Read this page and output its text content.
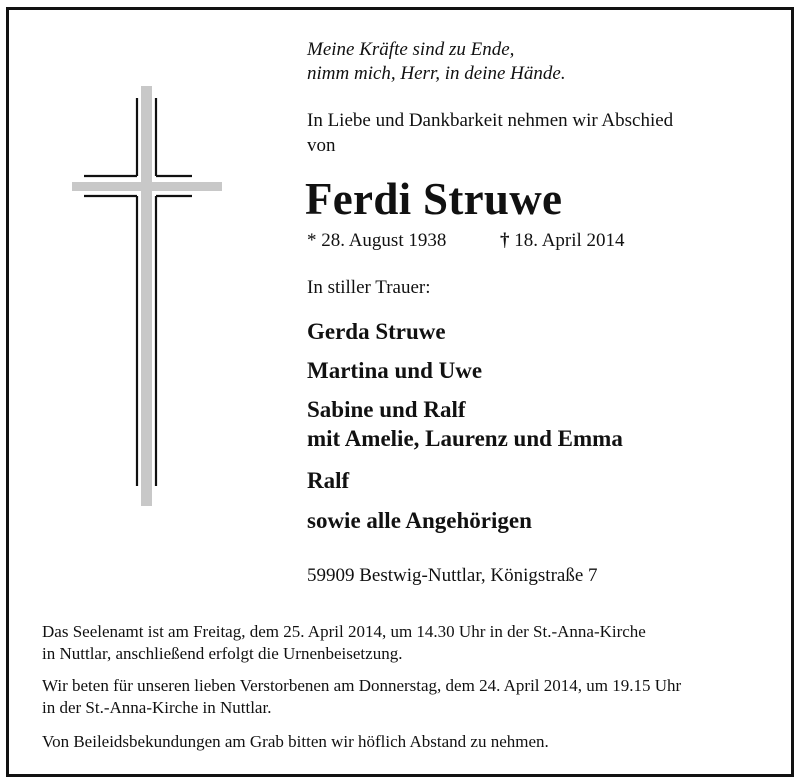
Meine Kräfte sind zu Ende,
nimm mich, Herr, in deine Hände.
In Liebe und Dankbarkeit nehmen wir Abschied
von
Ferdi Struwe
* 28. August 1938	† 18. April 2014
In stiller Trauer:
Gerda Struwe
Martina und Uwe
Sabine und Ralf
mit Amelie, Laurenz und Emma
Ralf
sowie alle Angehörigen
59909 Bestwig-Nuttlar, Königstraße 7
Das Seelenamt ist am Freitag, dem 25. April 2014, um 14.30 Uhr in der St.-Anna-Kirche
in Nuttlar, anschließend erfolgt die Urnenbeisetzung.
Wir beten für unseren lieben Verstorbenen am Donnerstag, dem 24. April 2014, um 19.15 Uhr
in der St.-Anna-Kirche in Nuttlar.
Von Beileidsbekundungen am Grab bitten wir höflich Abstand zu nehmen.
